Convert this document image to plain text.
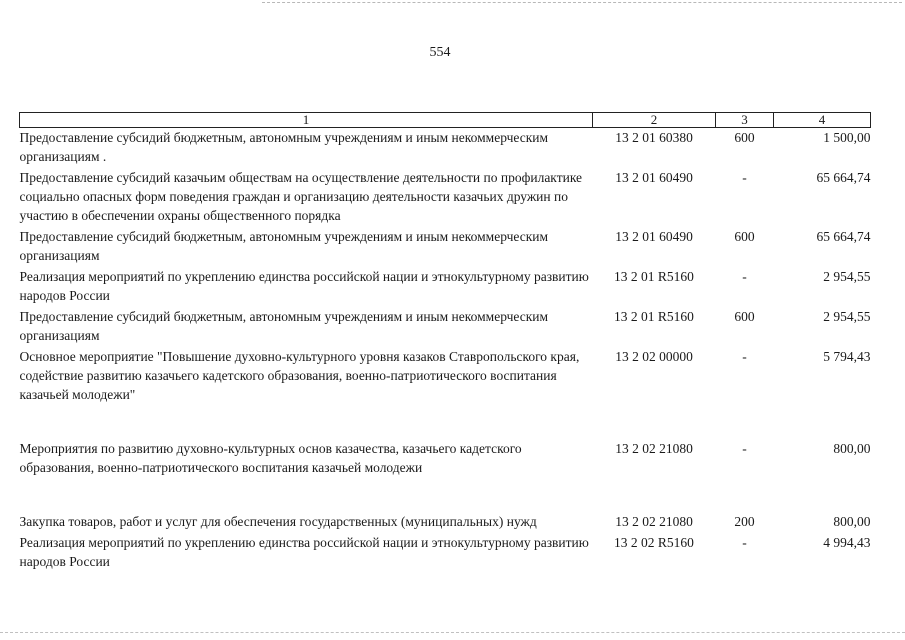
554
1	2	3	4
Предоставление субсидий бюджетным, автономным учреждениям и иным некоммерческим организациям .	13 2 01 60380	600	1 500,00
Предоставление субсидий казачьим обществам на осуществление деятельности по профилактике социально опасных форм поведения граждан и организацию деятельности казачьих дружин по участию в обеспечении охраны общественного порядка	13 2 01 60490	-	65 664,74
Предоставление субсидий бюджетным, автономным учреждениям и иным некоммерческим организациям	13 2 01 60490	600	65 664,74
Реализация мероприятий по укреплению единства российской нации и этнокультурному развитию народов России	13 2 01 R5160	-	2 954,55
Предоставление субсидий бюджетным, автономным учреждениям и иным некоммерческим организациям	13 2 01 R5160	600	2 954,55
Основное мероприятие "Повышение духовно-культурного уровня казаков Ставропольского края, содействие развитию казачьего кадетского образования, военно-патриотического воспитания казачьей молодежи"	13 2 02 00000	-	5 794,43
Мероприятия по развитию духовно-культурных основ казачества, казачьего кадетского образования, военно-патриотического воспитания казачьей молодежи	13 2 02 21080	-	800,00
Закупка товаров, работ и услуг для обеспечения государственных (муниципальных) нужд	13 2 02 21080	200	800,00
Реализация мероприятий по укреплению единства российской нации и этнокультурному развитию народов России	13 2 02 R5160	-	4 994,43
